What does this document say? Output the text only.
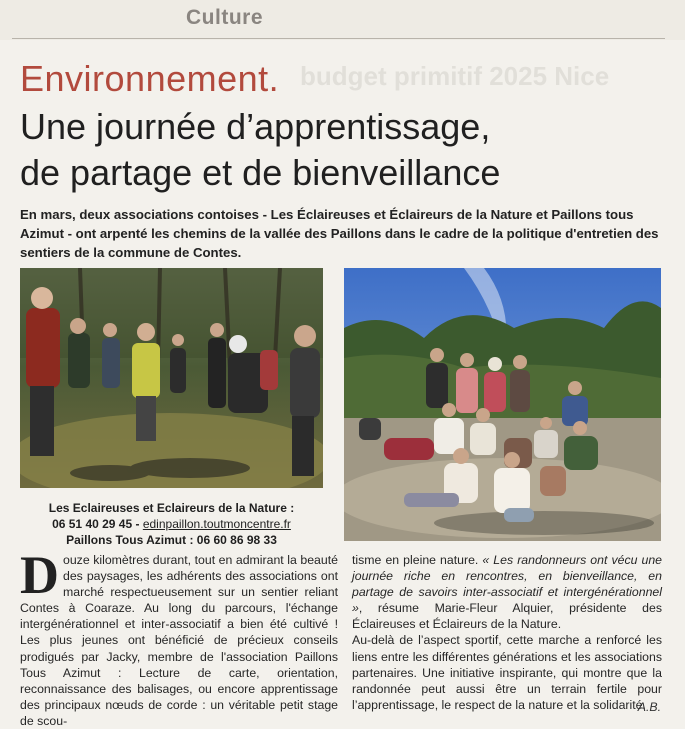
Culture
budget primitif 2025 Nice
Environnement.
Une journée d’apprentissage,
de partage et de bienveillance
En mars, deux associations contoises - Les Éclaireuses et Éclaireurs de la Nature et Paillons tous Azimut - ont arpenté les chemins de la vallée des Paillons dans le cadre de la politique d'entretien des sentiers de la commune de Contes.
Les Eclaireuses et Eclaireurs de la Nature :
06 51 40 29 45 - edinpaillon.toutmoncentre.fr
Paillons Tous Azimut : 06 60 86 98 33
Douze kilomètres durant, tout en admirant la beauté des paysages, les adhérents des associations ont marché respectueusement sur un sentier reliant Contes à Coaraze. Au long du parcours, l'échange intergénérationnel et inter-associatif a bien été cultivé ! Les plus jeunes ont bénéficié de précieux conseils prodigués par Jacky, membre de l'association Paillons Tous Azimut : Lecture de carte, orientation, reconnaissance des balisages, ou encore apprentissage des principaux nœuds de corde : un véritable petit stage de scou-

tisme en pleine nature. « Les randonneurs ont vécu une journée riche en rencontres, en bienveillance, en partage de savoirs inter-associatif et intergénérationnel », résume Marie-Fleur Alquier, présidente des Éclaireuses et Éclaireurs de la Nature.

Au-delà de l’aspect sportif, cette marche a renforcé les liens entre les différentes générations et les associations partenaires. Une initiative inspirante, qui montre que la randonnée peut aussi être un terrain fertile pour l’apprentissage, le respect de la nature et la solidarité.

A.B.
